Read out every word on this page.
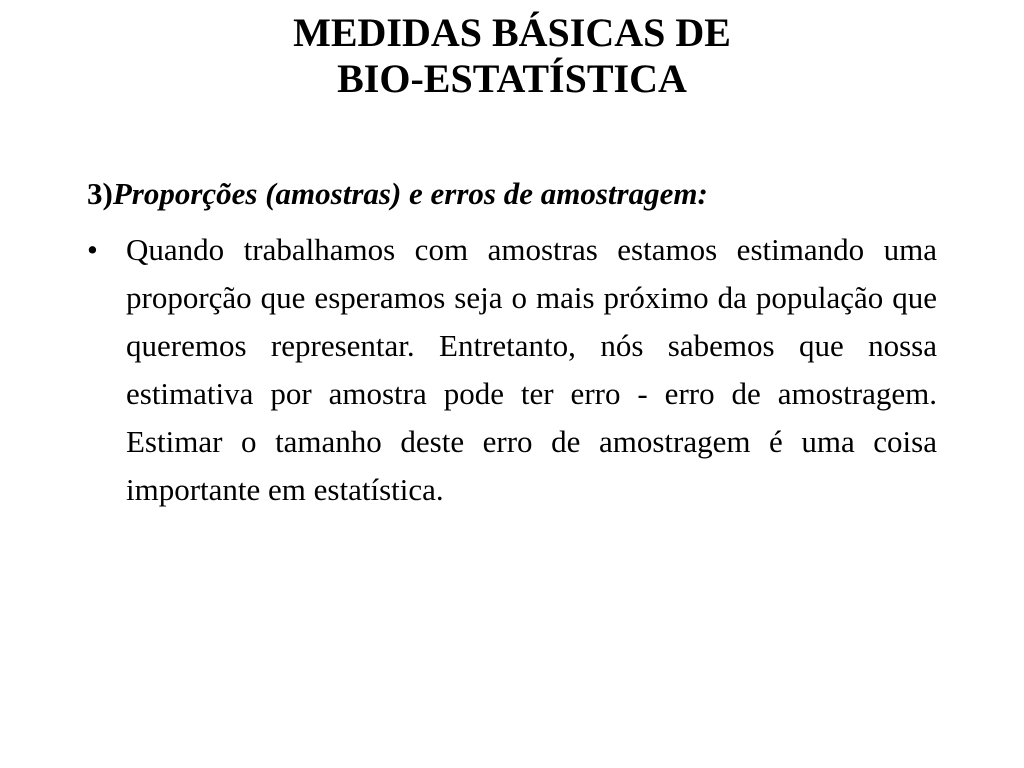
MEDIDAS BÁSICAS DE
BIO-ESTATÍSTICA
3)Proporções (amostras) e erros de amostragem:
• Quando trabalhamos com amostras estamos estimando uma proporção que esperamos seja o mais próximo da população que queremos representar. Entretanto, nós sabemos que nossa estimativa por amostra pode ter erro - erro de amostragem. Estimar o tamanho deste erro de amostragem é uma coisa importante em estatística.
